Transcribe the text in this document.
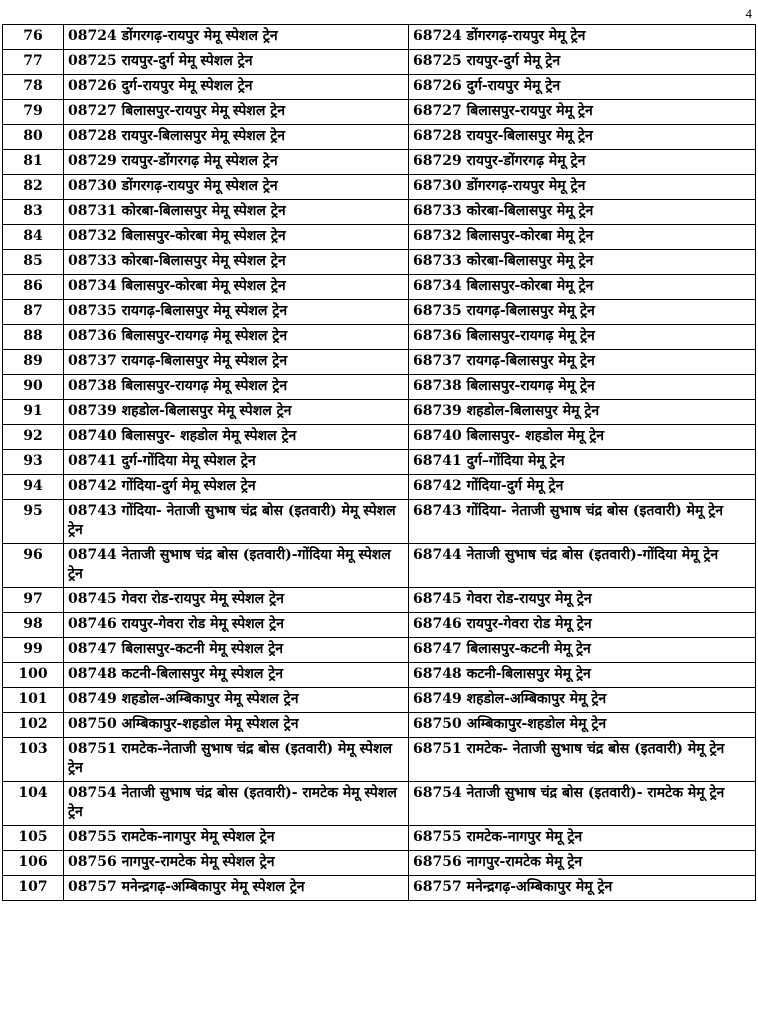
4
76	08724 डोंगरगढ़-रायपुर मेमू स्पेशल ट्रेन	68724 डोंगरगढ़-रायपुर मेमू ट्रेन
77	08725 रायपुर-दुर्ग मेमू स्पेशल ट्रेन	68725 रायपुर-दुर्ग मेमू ट्रेन
78	08726 दुर्ग-रायपुर मेमू स्पेशल ट्रेन	68726 दुर्ग-रायपुर मेमू ट्रेन
79	08727 बिलासपुर-रायपुर मेमू स्पेशल ट्रेन	68727 बिलासपुर-रायपुर मेमू ट्रेन
80	08728 रायपुर-बिलासपुर मेमू स्पेशल ट्रेन	68728 रायपुर-बिलासपुर मेमू ट्रेन
81	08729 रायपुर-डोंगरगढ़ मेमू स्पेशल ट्रेन	68729 रायपुर-डोंगरगढ़ मेमू ट्रेन
82	08730 डोंगरगढ़-रायपुर मेमू स्पेशल ट्रेन	68730 डोंगरगढ़-रायपुर मेमू ट्रेन
83	08731 कोरबा-बिलासपुर मेमू स्पेशल ट्रेन	68733 कोरबा-बिलासपुर मेमू ट्रेन
84	08732 बिलासपुर-कोरबा मेमू स्पेशल ट्रेन	68732 बिलासपुर-कोरबा मेमू ट्रेन
85	08733 कोरबा-बिलासपुर मेमू स्पेशल ट्रेन	68733 कोरबा-बिलासपुर मेमू ट्रेन
86	08734 बिलासपुर-कोरबा मेमू स्पेशल ट्रेन	68734 बिलासपुर-कोरबा मेमू ट्रेन
87	08735 रायगढ़-बिलासपुर मेमू स्पेशल ट्रेन	68735 रायगढ़-बिलासपुर मेमू ट्रेन
88	08736 बिलासपुर-रायगढ़ मेमू स्पेशल ट्रेन	68736 बिलासपुर-रायगढ़ मेमू ट्रेन
89	08737 रायगढ़-बिलासपुर मेमू स्पेशल ट्रेन	68737 रायगढ़-बिलासपुर मेमू ट्रेन
90	08738 बिलासपुर-रायगढ़ मेमू स्पेशल ट्रेन	68738 बिलासपुर-रायगढ़ मेमू ट्रेन
91	08739 शहडोल-बिलासपुर मेमू स्पेशल ट्रेन	68739 शहडोल-बिलासपुर मेमू ट्रेन
92	08740 बिलासपुर- शहडोल मेमू स्पेशल ट्रेन	68740 बिलासपुर- शहडोल मेमू ट्रेन
93	08741 दुर्ग-गोंदिया मेमू स्पेशल ट्रेन	68741 दुर्ग–गोंदिया मेमू ट्रेन
94	08742 गोंदिया-दुर्ग मेमू स्पेशल ट्रेन	68742 गोंदिया-दुर्ग मेमू ट्रेन
95	08743 गोंदिया- नेताजी सुभाष चंद्र बोस (इतवारी) मेमू स्पेशल ट्रेन	68743 गोंदिया- नेताजी सुभाष चंद्र बोस (इतवारी) मेमू ट्रेन
96	08744 नेताजी सुभाष चंद्र बोस (इतवारी)-गोंदिया मेमू स्पेशल ट्रेन	68744 नेताजी सुभाष चंद्र बोस (इतवारी)-गोंदिया मेमू ट्रेन
97	08745 गेवरा रोड-रायपुर मेमू स्पेशल ट्रेन	68745 गेवरा रोड-रायपुर मेमू ट्रेन
98	08746 रायपुर-गेवरा रोड मेमू स्पेशल ट्रेन	68746 रायपुर-गेवरा रोड मेमू ट्रेन
99	08747 बिलासपुर-कटनी मेमू स्पेशल ट्रेन	68747 बिलासपुर-कटनी मेमू ट्रेन
100	08748 कटनी-बिलासपुर मेमू स्पेशल ट्रेन	68748 कटनी-बिलासपुर मेमू ट्रेन
101	08749 शहडोल-अम्बिकापुर मेमू स्पेशल ट्रेन	68749 शहडोल-अम्बिकापुर मेमू ट्रेन
102	08750 अम्बिकापुर-शहडोल मेमू स्पेशल ट्रेन	68750 अम्बिकापुर-शहडोल मेमू ट्रेन
103	08751 रामटेक-नेताजी सुभाष चंद्र बोस (इतवारी) मेमू स्पेशल ट्रेन	68751 रामटेक- नेताजी सुभाष चंद्र बोस (इतवारी) मेमू ट्रेन
104	08754 नेताजी सुभाष चंद्र बोस (इतवारी)- रामटेक मेमू स्पेशल ट्रेन	68754 नेताजी सुभाष चंद्र बोस (इतवारी)- रामटेक मेमू ट्रेन
105	08755 रामटेक-नागपुर मेमू स्पेशल ट्रेन	68755 रामटेक-नागपुर मेमू ट्रेन
106	08756 नागपुर-रामटेक मेमू स्पेशल ट्रेन	68756 नागपुर-रामटेक मेमू ट्रेन
107	08757 मनेन्द्रगढ़-अम्बिकापुर मेमू स्पेशल ट्रेन	68757 मनेन्द्रगढ़-अम्बिकापुर मेमू ट्रेन
